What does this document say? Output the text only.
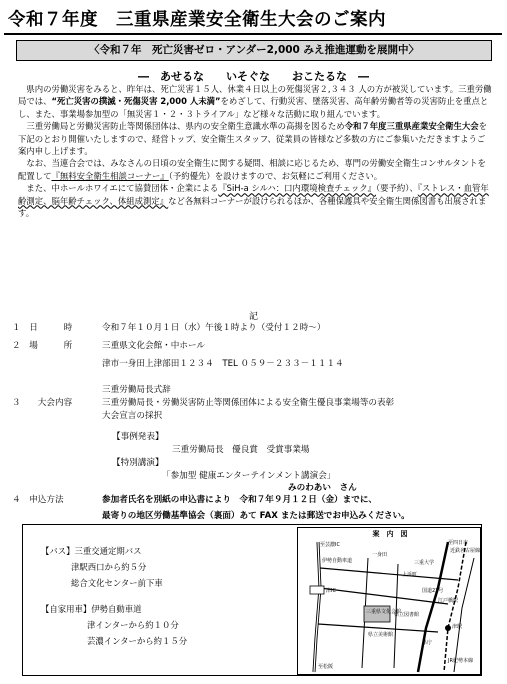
令和７年度　三重県産業安全衛生大会のご案内
〈令和７年　死亡災害ゼロ・アンダー2,000 みえ推進運動を展開中〉
―　あせるな　　いそぐな　　おこたるな　―

県内の労働災害をみると、昨年は、死亡災害１５人、休業４日以上の死傷災害２,３４３ 人の方が被災しています。三重労働局では、“死亡災害の撲滅・死傷災害 2,000 人未満”をめざして、行動災害、墜落災害、高年齢労働者等の災害防止を重点とし、また、事業場参加型の「無災害１・２・３トライアル」など様々な活動に取り組んでいます。

三重労働局と労働災害防止等関係団体は、県内の安全衛生意識水準の高揚を図るため令和７年度三重県産業安全衛生大会を下記のとおり開催いたしますので、経営トップ、安全衛生スタッフ、従業員の皆様など多数の方にご参集いただきますようご案内申し上げます。

なお、当連合会では、みなさんの日頃の安全衛生に関する疑問、相談に応じるため、専門の労働安全衛生コンサルタントを配置して『無料安全衛生相談コーナー』（予約優先）を設けますので、お気軽にご利用ください。

また、中ホールホワイエにて協賛団体・企業による『SiH-a シルハ：口内環境検査チェック』（要予約）、『ストレス・血管年齢測定、脳年齢チェック、体組成測定』など各無料コーナーが設けられるほか、各種保護具や安全衛生関係図書も出展されます。

記
１　日　　　時	令和７年１０月１日（水）午後１時より（受付１２時～）
２　場　　　所	三重県文化会館・中ホール
津市一身田上津部田１２３４　TEL ０５９－２３３－１１１４
三重労働局長式辞
３　　大会内容	三重労働局長・労働災害防止等関係団体による安全衛生優良事業場等の表彰
大会宣言の採択
【事例発表】
三重労働局長　優良賞　受賞事業場
【特別講演】
「参加型 健康エンターテインメント講演会」
みのわあい　さん
４　申込方法	参加者氏名を別紙の申込書により　令和７年９月１２日（金）までに、
最寄りの地区労働基準協会（裏面）あて FAX または郵送でお申込みください。
【バス】三重交通定期バス
津駅西口から約５分
総合文化センター前下車
【自家用車】伊勢自動車道
津インターから約１０分
芸濃インターから約１５分
案　内　図
三重県文化会館
津駅
近鉄名古屋線
JR紀勢本線
国道23号
伊勢自動車道
津IC
至松阪
至芸濃IC	至四日市
上浜町
一身田
県立図書館
県立美術館
県庁
三重大学
江戸橋駅
